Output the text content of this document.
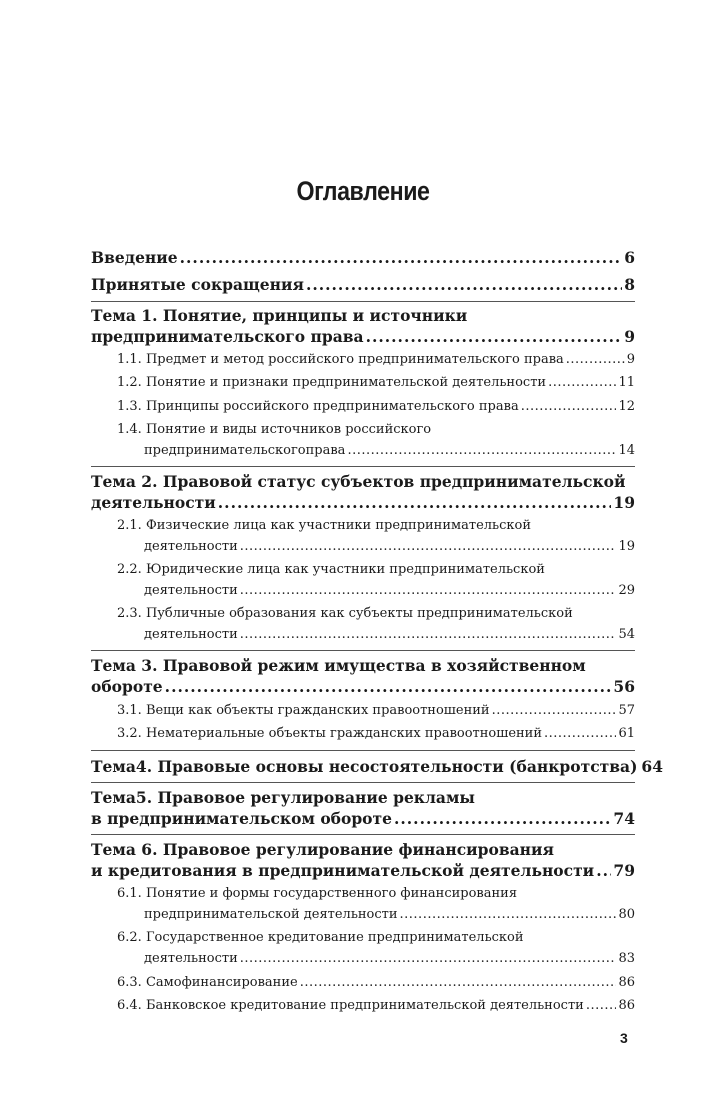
Оглавление
Введение .....	6
Принятые сокращения .....	8
Тема 1. Понятие, принципы и источники
предпринимательского права .....	9
1.1. Предмет и метод российского предпринимательского права .....	9
1.2. Понятие и признаки предпринимательской деятельности .....	11
1.3. Принципы российского предпринимательского права .....	12
1.4. Понятие и виды источников российского
предпринимательскогоправа .....	14
Тема 2. Правовой статус субъектов предпринимательской
деятельности .....	19
2.1. Физические лица как участники предпринимательской
деятельности .....	19
2.2. Юридические лица как участники предпринимательской
деятельности .....	29
2.3. Публичные образования как субъекты предпринимательской
деятельности .....	54
Тема 3. Правовой режим имущества в хозяйственном
обороте .....	56
3.1. Вещи как объекты гражданских правоотношений .....	57
3.2. Нематериальные объекты гражданских правоотношений .....	61
Тема4. Правовые основы несостоятельности (банкротства) 64
Тема5. Правовое регулирование рекламы
в предпринимательском обороте .....	74
Тема 6. Правовое регулирование финансирования
и кредитования в предпринимательской деятельности ..... 79
6.1. Понятие и формы государственного финансирования
предпринимательской деятельности .....	80
6.2. Государственное кредитование предпринимательской
деятельности .....	83
6.3. Самофинансирование .....	86
6.4. Банковское кредитование предпринимательской деятельности .....	86
3
